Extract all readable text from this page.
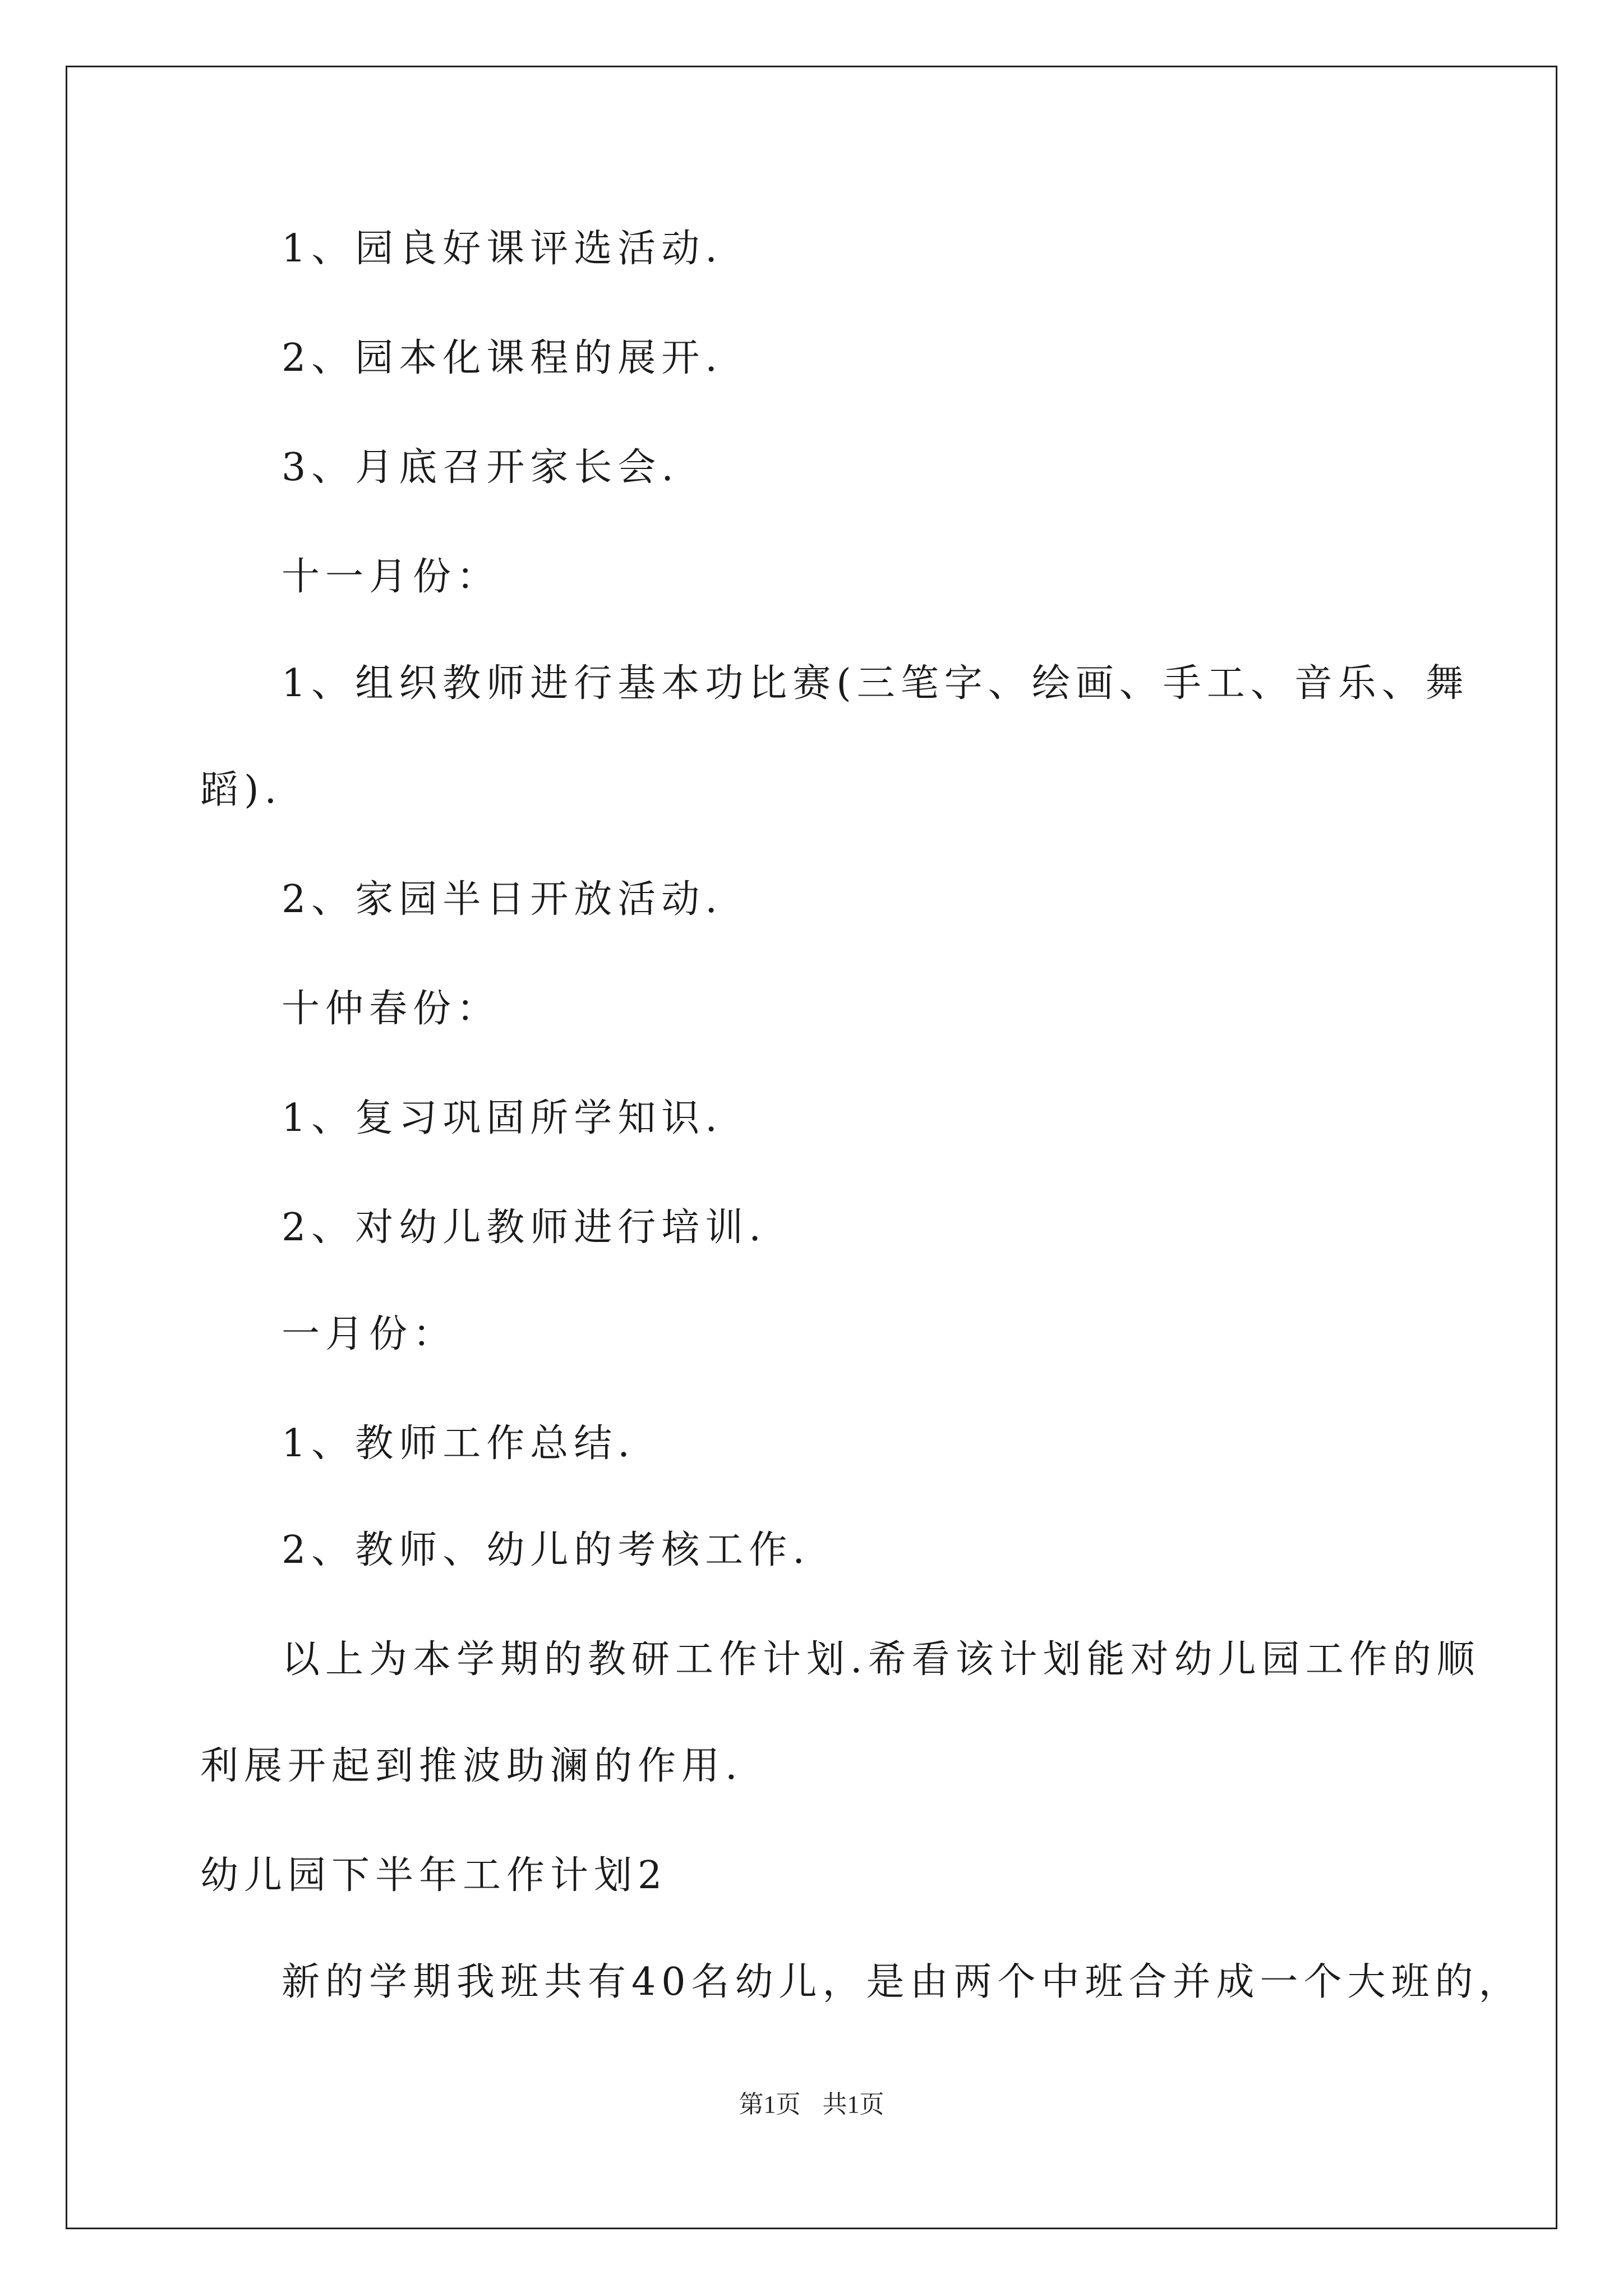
1、园良好课评选活动.
2、园本化课程的展开.
3、月底召开家长会.
十一月份：
1、组织教师进行基本功比赛(三笔字、绘画、手工、音乐、舞
蹈).
2、家园半日开放活动.
十仲春份：
1、复习巩固所学知识.
2、对幼儿教师进行培训.
一月份：
1、教师工作总结.
2、教师、幼儿的考核工作.
以上为本学期的教研工作计划.希看该计划能对幼儿园工作的顺
利展开起到推波助澜的作用.
幼儿园下半年工作计划2
新的学期我班共有40名幼儿，是由两个中班合并成一个大班的，
第1页 共1页
